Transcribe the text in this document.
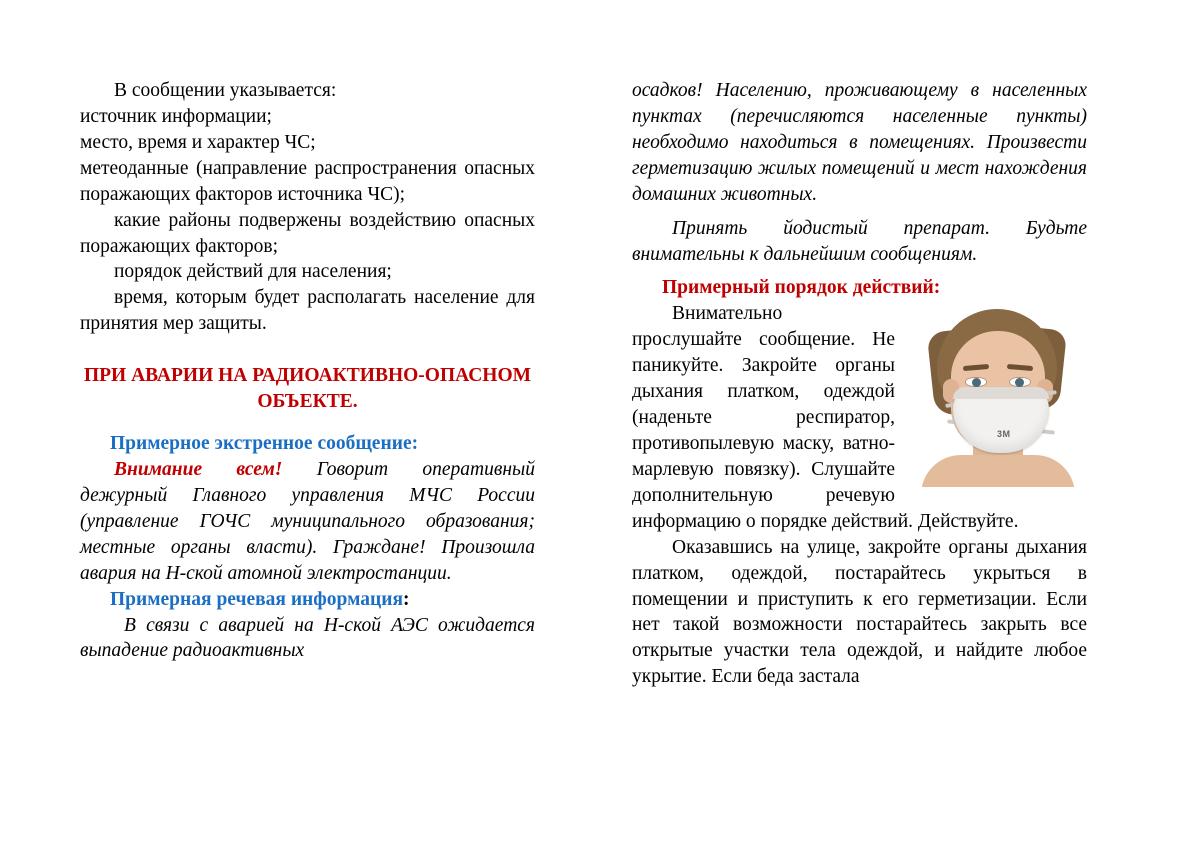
В сообщении указывается:

источник информации;

место, время и характер ЧС;

метеоданные (направление распространения опасных поражающих факторов источника ЧС);

какие районы подвержены воздействию опасных поражающих факторов;

порядок действий для населения;

время, которым будет располагать население для принятия мер защиты.

ПРИ АВАРИИ НА РАДИОАКТИВНО-ОПАСНОМ ОБЪЕКТЕ.

Примерное экстренное сообщение:

Внимание всем! Говорит оперативный дежурный Главного управления МЧС России (управление ГОЧС муниципального образования; местные органы власти). Граждане! Произошла авария на Н-ской атомной электростанции.

Примерная речевая информация:

В связи с аварией на Н-ской АЭС ожидается выпадение радиоактивных

осадков! Населению, проживающему в населенных пунктах (перечисляются населенные пункты) необходимо находиться в помещениях. Произвести герметизацию жилых помещений и мест нахождения домашних животных.

Принять йодистый препарат. Будьте внимательны к дальнейшим сообщениям.

Примерный порядок действий:

3M

Внимательно прослушайте сообщение. Не паникуйте. Закройте органы дыхания платком, одеждой (наденьте респиратор, противопылевую маску, ватно-марлевую повязку). Слушайте дополнительную речевую информацию о порядке действий. Действуйте.

Оказавшись на улице, закройте органы дыхания платком, одеждой, постарайтесь укрыться в помещении и приступить к его герметизации. Если нет такой возможности постарайтесь закрыть все открытые участки тела одеждой, и найдите любое укрытие. Если беда застала
